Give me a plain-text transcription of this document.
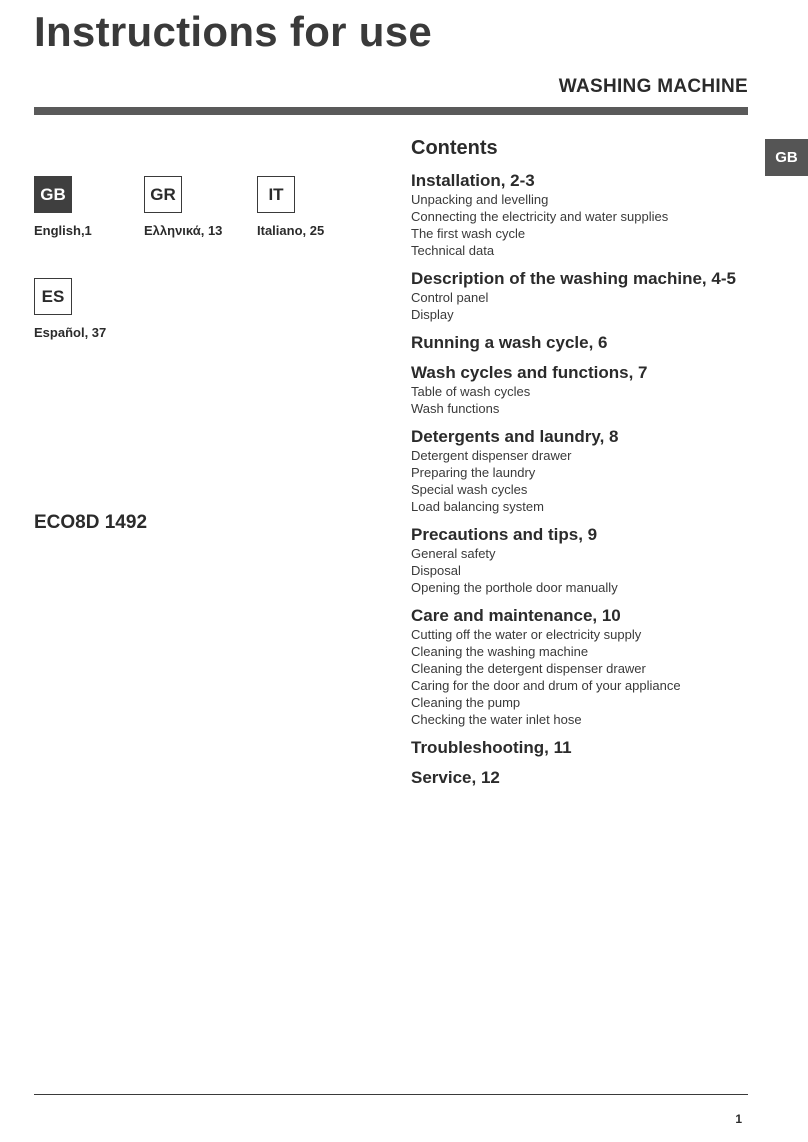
Instructions for use
WASHING MACHINE
GB
GB
English,1
GR
Ελληνικά, 13
IT
Italiano, 25
ES
Español, 37
ECO8D 1492
Contents
Installation, 2-3
Unpacking and levelling
Connecting the electricity and water supplies
The first wash cycle
Technical data
Description of the washing machine, 4-5
Control panel
Display
Running a wash cycle, 6
Wash cycles and functions, 7
Table of wash cycles
Wash functions
Detergents and laundry, 8
Detergent dispenser drawer
Preparing the laundry
Special wash cycles
Load balancing system
Precautions and tips, 9
General safety
Disposal
Opening the porthole door manually
Care and maintenance, 10
Cutting off the water or electricity supply
Cleaning the washing machine
Cleaning the detergent dispenser drawer
Caring for the door and drum of your appliance
Cleaning the pump
Checking the water inlet hose
Troubleshooting, 11
Service, 12
1
